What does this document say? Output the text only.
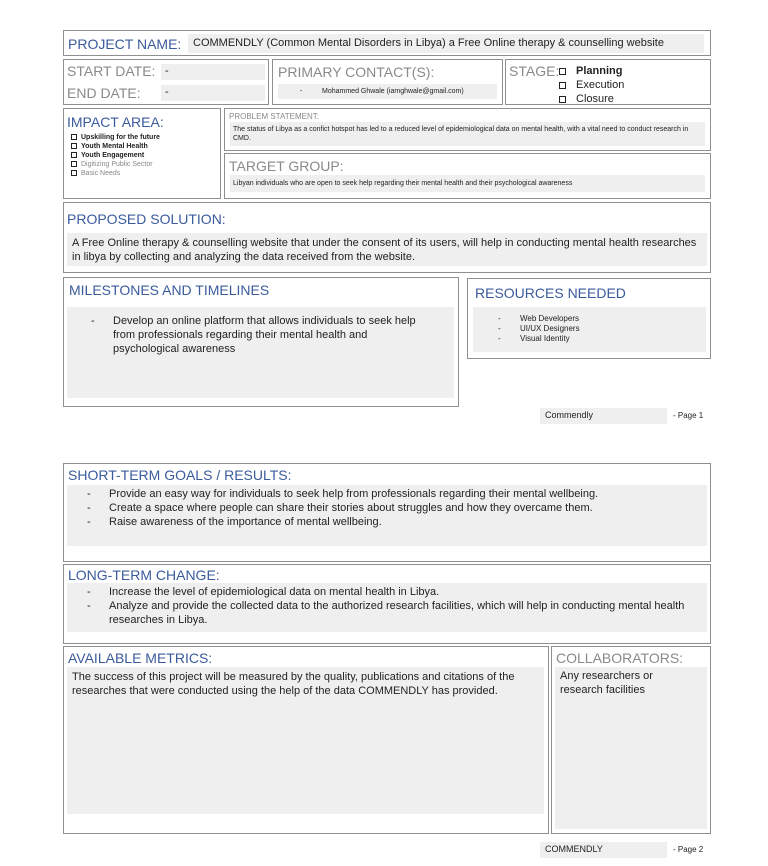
PROJECT NAME: COMMENDLY (Common Mental Disorders in Libya) a Free Online therapy & counselling website
START DATE: -
END DATE: -
PRIMARY CONTACT(S):
-	Mohammed Ghwale (iamghwale@gmail.com)
STAGE:	Planning
Execution
Closure
IMPACT AREA:
Upskilling for the future
Youth Mental Health
Youth Engagement
Digitizing Public Sector
Basic Needs
PROBLEM STATEMENT:
The status of Libya as a confict hotspot has led to a reduced level of epidemiological data on mental health, with a vital need to conduct research in CMD.
TARGET GROUP:
Libyan individuals who are open to seek help regarding their mental health and their psychological awareness
PROPOSED SOLUTION:
A Free Online therapy & counselling website that under the consent of its users, will help in conducting mental health researches in libya by collecting and analyzing the data received from the website.
MILESTONES AND TIMELINES
- Develop an online platform that allows individuals to seek help from professionals regarding their mental health and psychological awareness
RESOURCES NEEDED
- Web Developers
- UI/UX Designers
- Visual Identity
Commendly	- Page 1
SHORT-TERM GOALS / RESULTS:
- Provide an easy way for individuals to seek help from professionals regarding their mental wellbeing.
- Create a space where people can share their stories about struggles and how they overcame them.
- Raise awareness of the importance of mental wellbeing.
LONG-TERM CHANGE:
- Increase the level of epidemiological data on mental health in Libya.
- Analyze and provide the collected data to the authorized research facilities, which will help in conducting mental health researches in Libya.
AVAILABLE METRICS:
The success of this project will be measured by the quality, publications and citations of the researches that were conducted using the help of the data COMMENDLY has provided.
COLLABORATORS:
Any researchers or research facilities
COMMENDLY	- Page 2
